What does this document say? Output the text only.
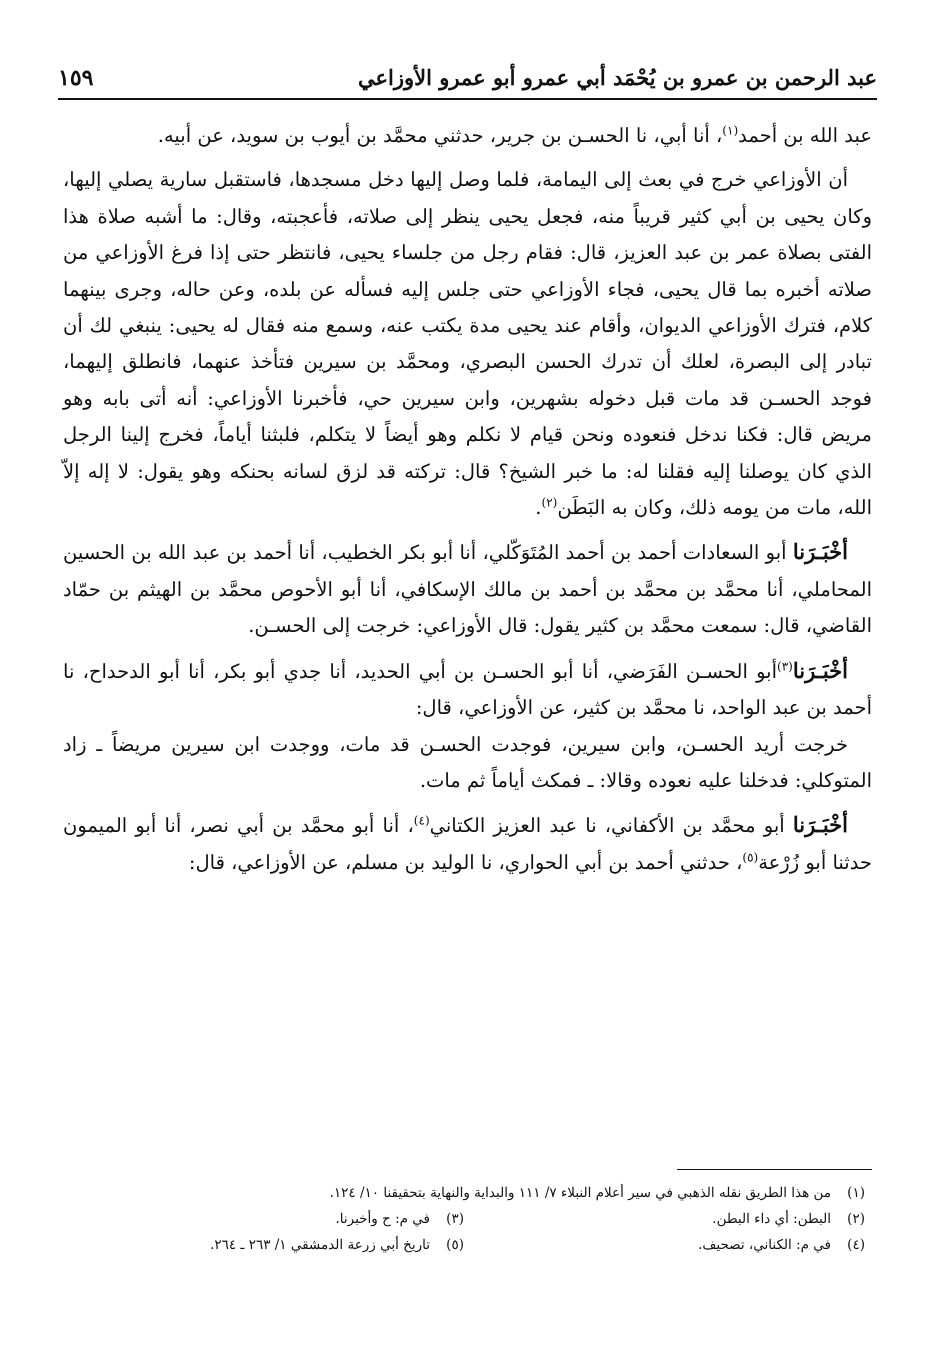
عبد الرحمن بن عمرو بن يُحْمَد أبي عمرو أبو عمرو الأوزاعي
١٥٩

عبد الله بن أحمد$^{(١)}$، أنا أبي، نا الحسـن بن جرير، حدثني محمَّد بن أيوب بن سويد، عن أبيه.

أن الأوزاعي خرج في بعث إلى اليمامة، فلما وصل إليها دخل مسجدها، فاستقبل سارية يصلي إليها، وكان يحيى بن أبي كثير قريباً منه، فجعل يحيى ينظر إلى صلاته، فأعجبته، وقال: ما أشبه صلاة هذا الفتى بصلاة عمر بن عبد العزيز، قال: فقام رجل من جلساء يحيى، فانتظر حتى إذا فرغ الأوزاعي من صلاته أخبره بما قال يحيى، فجاء الأوزاعي حتى جلس إليه فسأله عن بلده، وعن حاله، وجرى بينهما كلام، فترك الأوزاعي الديوان، وأقام عند يحيى مدة يكتب عنه، وسمع منه فقال له يحيى: ينبغي لك أن تبادر إلى البصرة، لعلك أن تدرك الحسن البصري، ومحمَّد بن سيرين فتأخذ عنهما، فانطلق إليهما، فوجد الحسـن قد مات قبل دخوله بشهرين، وابن سيرين حي، فأخبرنا الأوزاعي: أنه أتى بابه وهو مريض قال: فكنا ندخل فنعوده ونحن قيام لا نكلم وهو أيضاً لا يتكلم، فلبثنا أياماً، فخرج إلينا الرجل الذي كان يوصلنا إليه فقلنا له: ما خبر الشيخ؟ قال: تركته قد لزق لسانه بحنكه وهو يقول: لا إله إلاّ الله، مات من يومه ذلك، وكان به البَطَن$^{(٢)}$.

أخْبَـرَنا أبو السعادات أحمد بن أحمد المُتَوَكّلي، أنا أبو بكر الخطيب، أنا أحمد بن عبد الله بن الحسين المحاملي، أنا محمَّد بن محمَّد بن أحمد بن مالك الإسكافي، أنا أبو الأحوص محمَّد بن الهيثم بن حمّاد القاضي، قال: سمعت محمَّد بن كثير يقول: قال الأوزاعي: خرجت إلى الحسـن.

أخْبَـرَنا$^{(٣)}$أبو الحسـن الفَرَضي، أنا أبو الحسـن بن أبي الحديد، أنا جدي أبو بكر، أنا أبو الدحداح، نا أحمد بن عبد الواحد، نا محمَّد بن كثير، عن الأوزاعي، قال:

خرجت أريد الحسـن، وابن سيرين، فوجدت الحسـن قد مات، ووجدت ابن سيرين مريضاً ـ زاد المتوكلي: فدخلنا عليه نعوده وقالا: ـ فمكث أياماً ثم مات.

أخْبَـرَنا أبو محمَّد بن الأكفاني، نا عبد العزيز الكتاني$^{(٤)}$، أنا أبو محمَّد بن أبي نصر، أنا أبو الميمون حدثنا أبو زُرْعة$^{(٥)}$، حدثني أحمد بن أبي الحواري، نا الوليد بن مسلم، عن الأوزاعي، قال:

(١)من هذا الطريق نقله الذهبي في سير أعلام النبلاء ٧/ ١١١ والبداية والنهاية بتحقيقنا ١٠/ ١٢٤.
(٢)البطن: أي داء البطن.
(٣)في م: ح وأخبرنا.
(٤)في م: الكناني، تصحيف.
(٥)تاريخ أبي زرعة الدمشقي ١/ ٢٦٣ ـ ٢٦٤.
